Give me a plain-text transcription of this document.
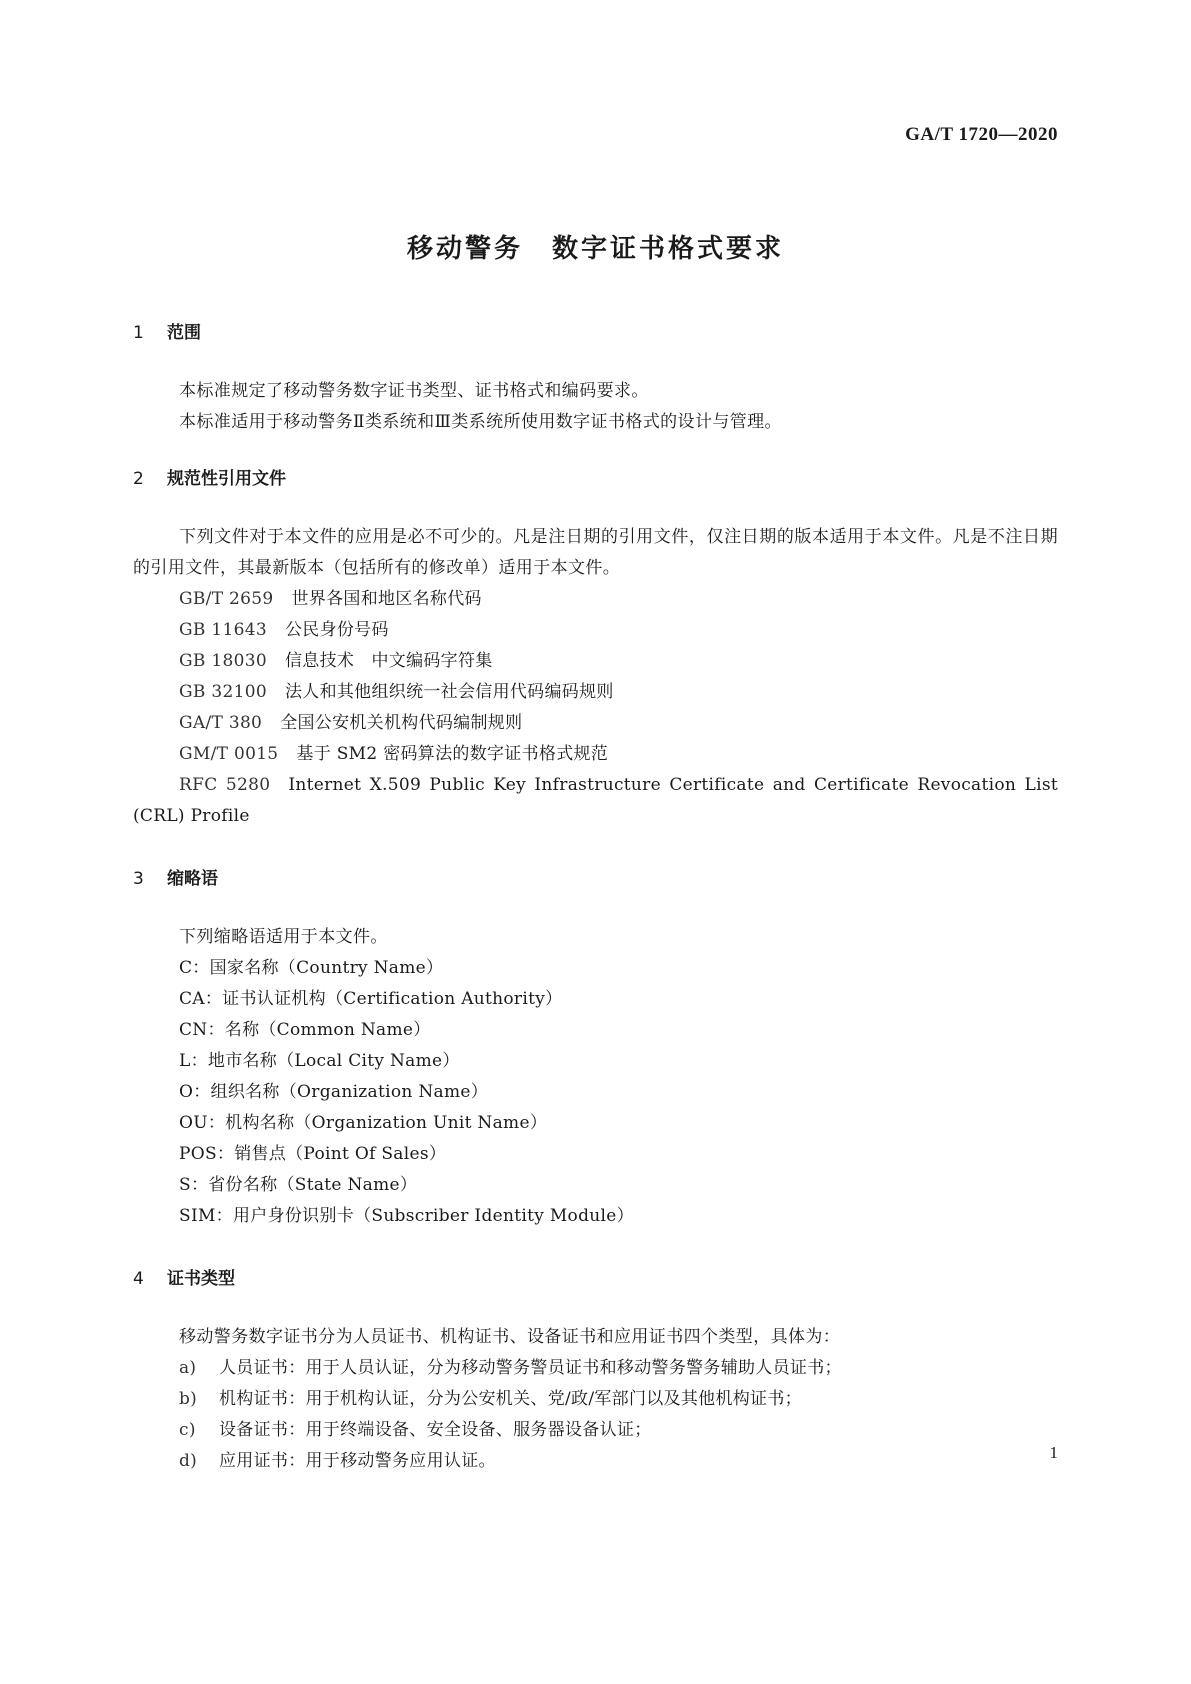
GA/T 1720—2020
移动警务　数字证书格式要求
1 范围

本标准规定了移动警务数字证书类型、证书格式和编码要求。

本标准适用于移动警务Ⅱ类系统和Ⅲ类系统所使用数字证书格式的设计与管理。

2 规范性引用文件

下列文件对于本文件的应用是必不可少的。凡是注日期的引用文件，仅注日期的版本适用于本文件。凡是不注日期的引用文件，其最新版本（包括所有的修改单）适用于本文件。

GB/T 2659 世界各国和地区名称代码
GB 11643 公民身份号码
GB 18030 信息技术　中文编码字符集
GB 32100 法人和其他组织统一社会信用代码编码规则
GA/T 380 全国公安机关机构代码编制规则
GM/T 0015 基于 SM2 密码算法的数字证书格式规范
RFC 5280 Internet X.509 Public Key Infrastructure Certificate and Certificate Revocation List (CRL) Profile
3 缩略语

下列缩略语适用于本文件。

C：国家名称（Country Name）
CA：证书认证机构（Certification Authority）
CN：名称（Common Name）
L：地市名称（Local City Name）
O：组织名称（Organization Name）
OU：机构名称（Organization Unit Name）
POS：销售点（Point Of Sales）
S：省份名称（State Name）
SIM：用户身份识别卡（Subscriber Identity Module）
4 证书类型

移动警务数字证书分为人员证书、机构证书、设备证书和应用证书四个类型，具体为：

a) 人员证书：用于人员认证，分为移动警务警员证书和移动警务警务辅助人员证书；
b) 机构证书：用于机构认证，分为公安机关、党/政/军部门以及其他机构证书；
c) 设备证书：用于终端设备、安全设备、服务器设备认证；
d) 应用证书：用于移动警务应用认证。	1
